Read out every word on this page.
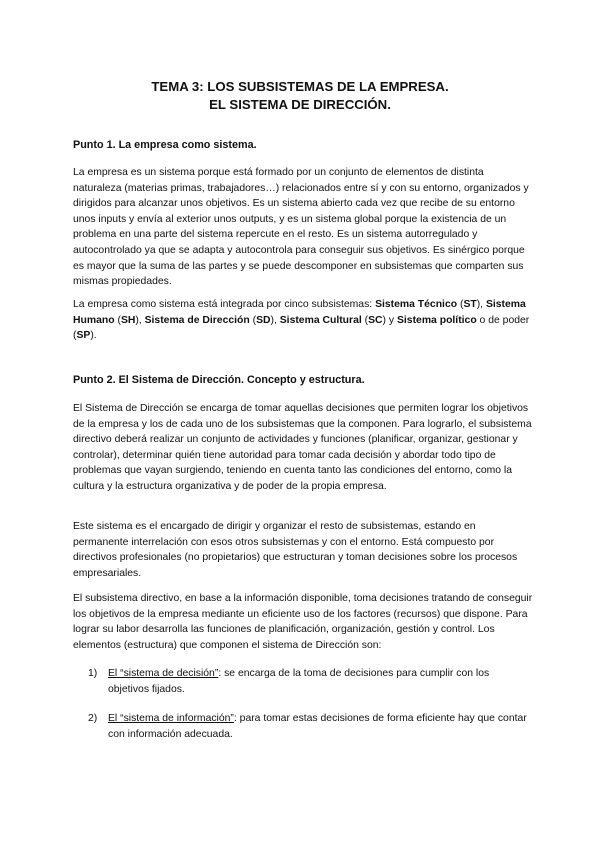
TEMA 3: LOS SUBSISTEMAS DE LA EMPRESA.
EL SISTEMA DE DIRECCIÓN.
Punto 1. La empresa como sistema.

La empresa es un sistema porque está formado por un conjunto de elementos de distinta naturaleza (materias primas, trabajadores…) relacionados entre sí y con su entorno, organizados y dirigidos para alcanzar unos objetivos. Es un sistema abierto cada vez que recibe de su entorno unos inputs y envía al exterior unos outputs, y es un sistema global porque la existencia de un problema en una parte del sistema repercute en el resto. Es un sistema autorregulado y autocontrolado ya que se adapta y autocontrola para conseguir sus objetivos. Es sinérgico porque es mayor que la suma de las partes y se puede descomponer en subsistemas que comparten sus mismas propiedades.

La empresa como sistema está integrada por cinco subsistemas: Sistema Técnico (ST), Sistema Humano (SH), Sistema de Dirección (SD), Sistema Cultural (SC) y Sistema político o de poder (SP).

Punto 2. El Sistema de Dirección. Concepto y estructura.

El Sistema de Dirección se encarga de tomar aquellas decisiones que permiten lograr los objetivos de la empresa y los de cada uno de los subsistemas que la componen. Para lograrlo, el subsistema directivo deberá realizar un conjunto de actividades y funciones (planificar, organizar, gestionar y controlar), determinar quién tiene autoridad para tomar cada decisión y abordar todo tipo de problemas que vayan surgiendo, teniendo en cuenta tanto las condiciones del entorno, como la cultura y la estructura organizativa y de poder de la propia empresa.

Este sistema es el encargado de dirigir y organizar el resto de subsistemas, estando en permanente interrelación con esos otros subsistemas y con el entorno. Está compuesto por directivos profesionales (no propietarios) que estructuran y toman decisiones sobre los procesos empresariales.

El subsistema directivo, en base a la información disponible, toma decisiones tratando de conseguir los objetivos de la empresa mediante un eficiente uso de los factores (recursos) que dispone. Para lograr su labor desarrolla las funciones de planificación, organización, gestión y control. Los elementos (estructura) que componen el sistema de Dirección son:

1)	El “sistema de decisión”: se encarga de la toma de decisiones para cumplir con los objetivos fijados.
2)	El “sistema de información”: para tomar estas decisiones de forma eficiente hay que contar con información adecuada.
